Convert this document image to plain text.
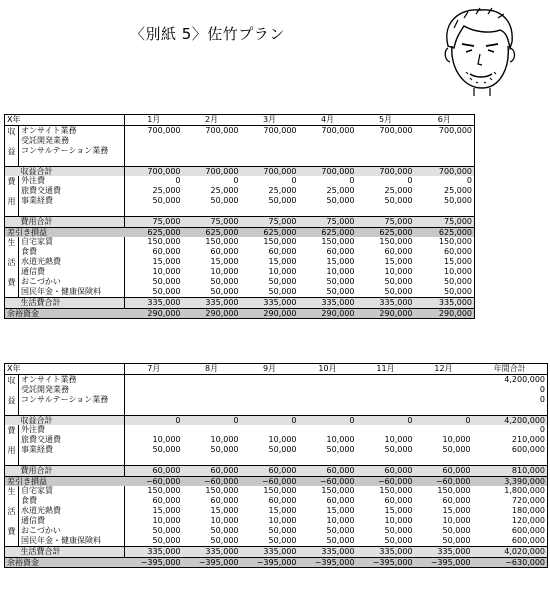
〈別紙 5〉佐竹プラン
X年		1月	2月	3月	4月	5月	6月

収
益	オンサイト業務	700,000	700,000	700,000	700,000	700,000	700,000
	受託開発業務						
	コンサルテーション業務						

	収益合計	700,000	700,000	700,000	700,000	700,000	700,000

費
用	外注費	0	0	0	0	0	0
	旅費交通費	25,000	25,000	25,000	25,000	25,000	25,000
	事業経費	50,000	50,000	50,000	50,000	50,000	50,000

	費用合計	75,000	75,000	75,000	75,000	75,000	75,000
差引き損益		625,000	625,000	625,000	625,000	625,000	625,000

生
活
費	自宅家賃	150,000	150,000	150,000	150,000	150,000	150,000
	食費	60,000	60,000	60,000	60,000	60,000	60,000
	水道光熱費	15,000	15,000	15,000	15,000	15,000	15,000
	通信費	10,000	10,000	10,000	10,000	10,000	10,000
	おこづかい	50,000	50,000	50,000	50,000	50,000	50,000
	国民年金・健康保険料	50,000	50,000	50,000	50,000	50,000	50,000
	生活費合計	335,000	335,000	335,000	335,000	335,000	335,000
余裕資金		290,000	290,000	290,000	290,000	290,000	290,000
X年		7月	8月	9月	10月	11月	12月	年間合計

収
益	オンサイト業務							4,200,000
	受託開発業務							0
	コンサルテーション業務							0

	収益合計	0	0	0	0	0	0	4,200,000

費
用	外注費							0
	旅費交通費	10,000	10,000	10,000	10,000	10,000	10,000	210,000
	事業経費	50,000	50,000	50,000	50,000	50,000	50,000	600,000

	費用合計	60,000	60,000	60,000	60,000	60,000	60,000	810,000
差引き損益		−60,000	−60,000	−60,000	−60,000	−60,000	−60,000	3,390,000

生
活
費	自宅家賃	150,000	150,000	150,000	150,000	150,000	150,000	1,800,000
	食費	60,000	60,000	60,000	60,000	60,000	60,000	720,000
	水道光熱費	15,000	15,000	15,000	15,000	15,000	15,000	180,000
	通信費	10,000	10,000	10,000	10,000	10,000	10,000	120,000
	おこづかい	50,000	50,000	50,000	50,000	50,000	50,000	600,000
	国民年金・健康保険料	50,000	50,000	50,000	50,000	50,000	50,000	600,000
	生活費合計	335,000	335,000	335,000	335,000	335,000	335,000	4,020,000
余裕資金		−395,000	−395,000	−395,000	−395,000	−395,000	−395,000	−630,000
